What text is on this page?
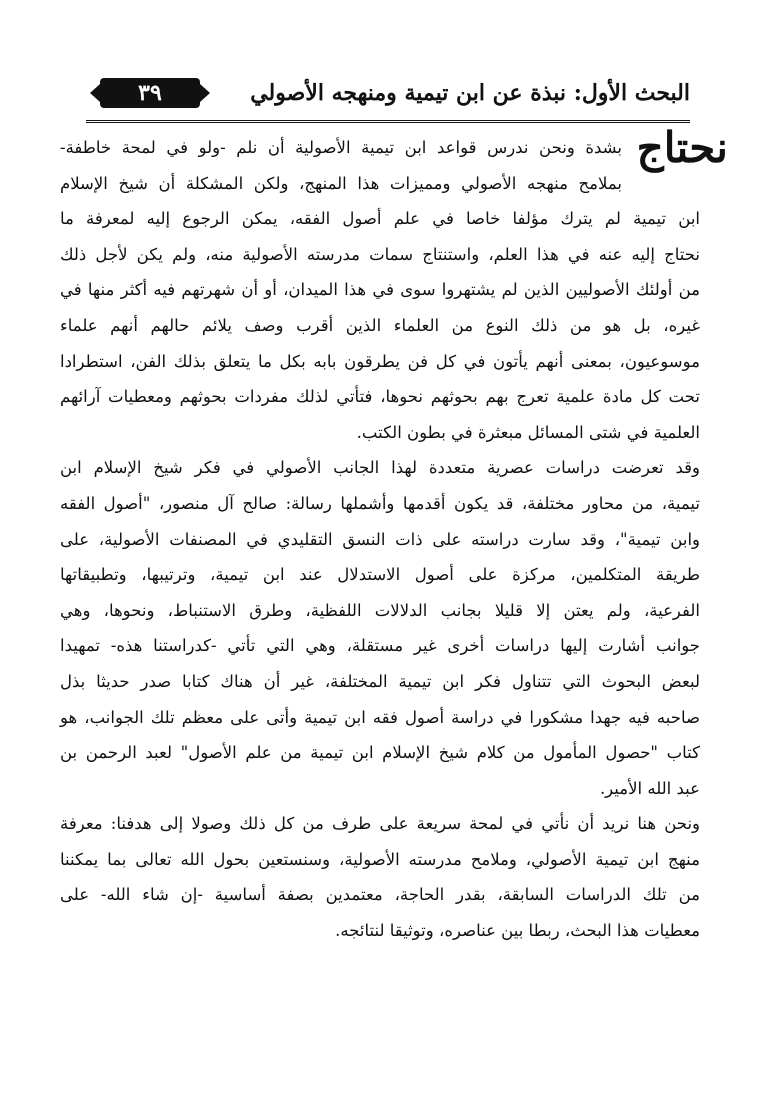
٣٩	البحث الأول: نبذة عن ابن تيمية ومنهجه الأصولي
نحتاج
بشدة ونحن ندرس قواعد ابن تيمية الأصولية أن نلم -ولو في لمحة خاطفة-
بملامح منهجه الأصولي ومميزات هذا المنهج، ولكن المشكلة أن شيخ الإسلام
ابن تيمية لم يترك مؤلفا خاصا في علم أصول الفقه، يمكن الرجوع إليه لمعرفة ما
نحتاج إليه عنه في هذا العلم، واستنتاج سمات مدرسته الأصولية منه، ولم يكن لأجل ذلك
من أولئك الأصوليين الذين لم يشتهروا سوى في هذا الميدان، أو أن شهرتهم فيه أكثر منها في
غيره، بل هو من ذلك النوع من العلماء الذين أقرب وصف يلائم حالهم أنهم علماء
موسوعيون، بمعنى أنهم يأتون في كل فن يطرقون بابه بكل ما يتعلق بذلك الفن، استطرادا
تحت كل مادة علمية تعرج بهم بحوثهم نحوها، فتأتي لذلك مفردات بحوثهم ومعطيات آرائهم
العلمية في شتى المسائل مبعثرة في بطون الكتب.
وقد تعرضت دراسات عصرية متعددة لهذا الجانب الأصولي في فكر شيخ الإسلام ابن
تيمية، من محاور مختلفة، قد يكون أقدمها وأشملها رسالة: صالح آل منصور، "أصول الفقه
وابن تيمية"، وقد سارت دراسته على ذات النسق التقليدي في المصنفات الأصولية، على
طريقة المتكلمين، مركزة على أصول الاستدلال عند ابن تيمية، وترتيبها، وتطبيقاتها
الفرعية، ولم يعتن إلا قليلا بجانب الدلالات اللفظية، وطرق الاستنباط، ونحوها، وهي
جوانب أشارت إليها دراسات أخرى غير مستقلة، وهي التي تأتي -كدراستنا هذه- تمهيدا
لبعض البحوث التي تتناول فكر ابن تيمية المختلفة، غير أن هناك كتابا صدر حديثا بذل
صاحبه فيه جهدا مشكورا في دراسة أصول فقه ابن تيمية وأتى على معظم تلك الجوانب، هو
كتاب "حصول المأمول من كلام شيخ الإسلام ابن تيمية من علم الأصول" لعبد الرحمن بن
عبد الله الأمير.
ونحن هنا نريد أن نأتي في لمحة سريعة على طرف من كل ذلك وصولا إلى هدفنا: معرفة
منهج ابن تيمية الأصولي، وملامح مدرسته الأصولية، وسنستعين بحول الله تعالى بما يمكننا
من تلك الدراسات السابقة، بقدر الحاجة، معتمدين بصفة أساسية -إن شاء الله- على
معطيات هذا البحث، ربطا بين عناصره، وتوثيقا لنتائجه.
